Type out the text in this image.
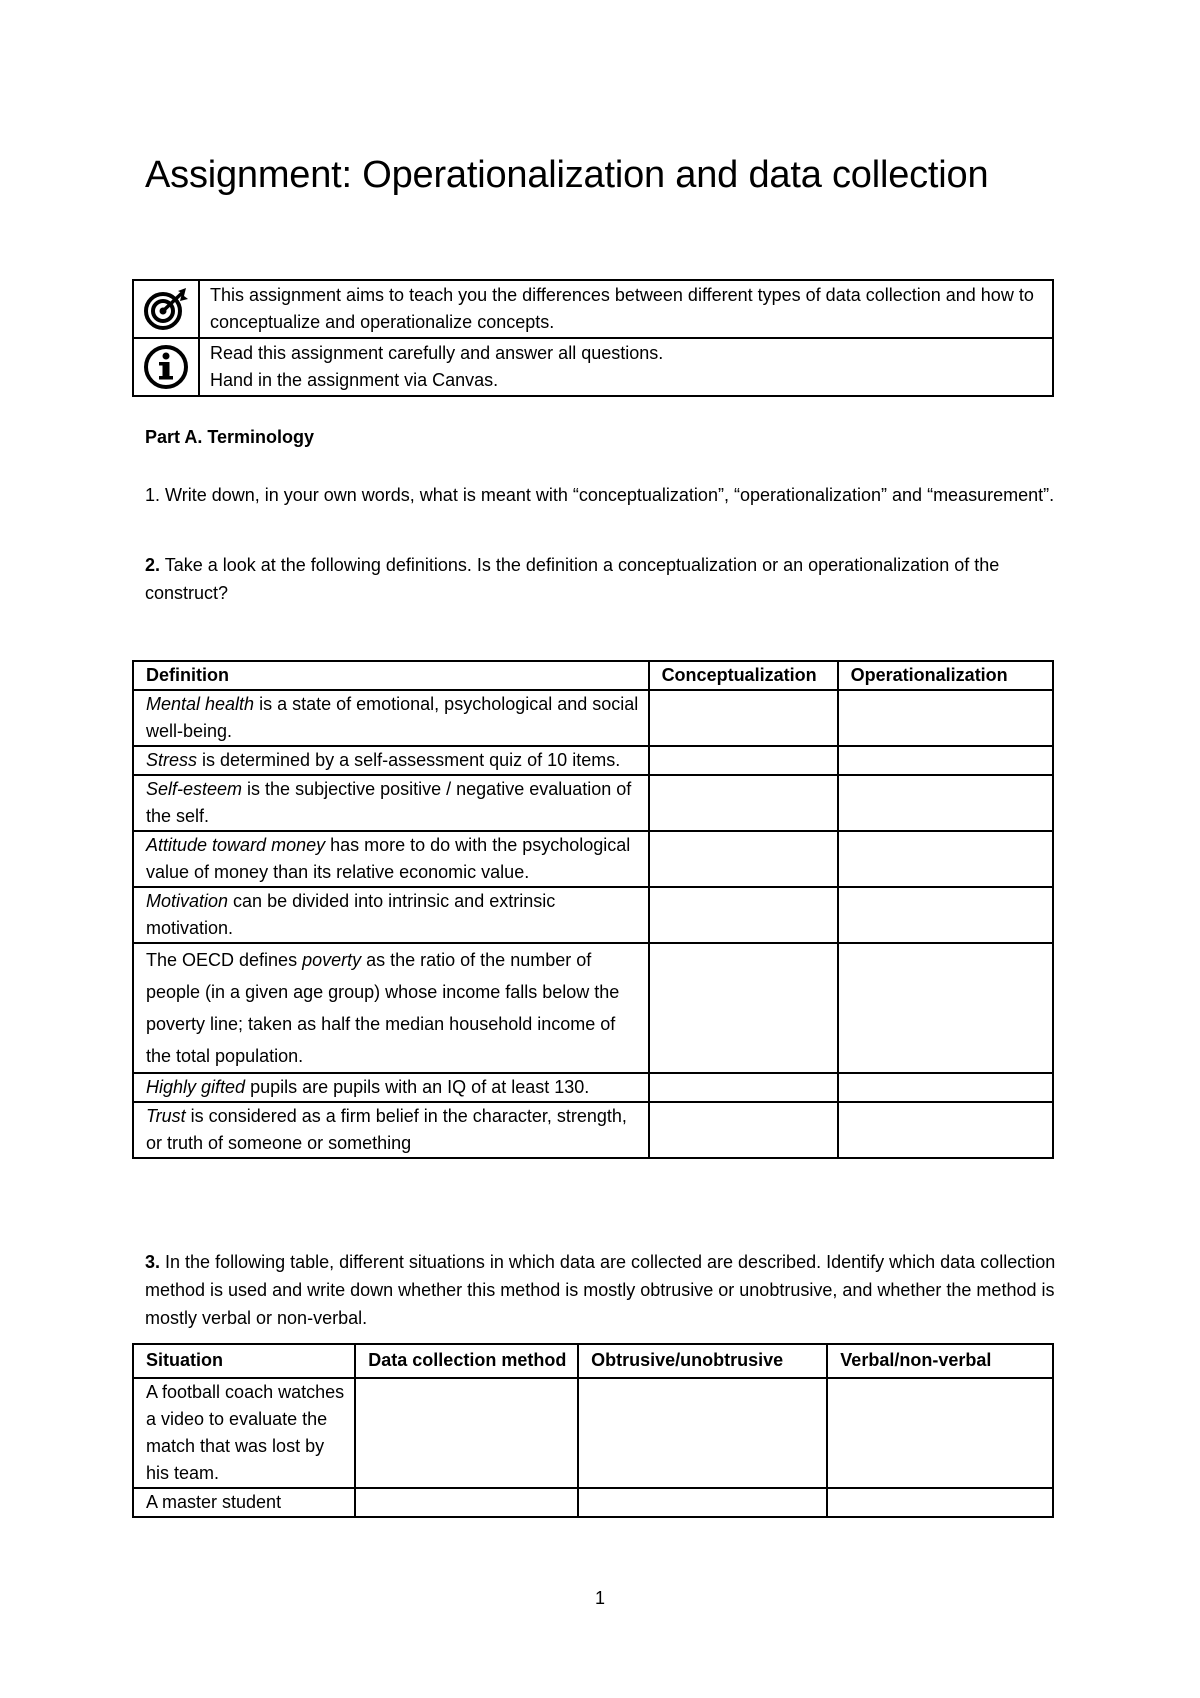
Assignment: Operationalization and data collection
	This assignment aims to teach you the differences between different types of data collection and how to conceptualize and operationalize concepts.

	Read this assignment carefully and answer all questions.
Hand in the assignment via Canvas.

Part A. Terminology

1. Write down, in your own words, what is meant with “conceptualization”, “operationalization” and “measurement”.

2. Take a look at the following definitions. Is the definition a conceptualization or an operationalization of the construct?

Definition	Conceptualization	Operationalization
Mental health is a state of emotional, psychological and social well-being.		
Stress is determined by a self-assessment quiz of 10 items.		
Self-esteem is the subjective positive / negative evaluation of the self.		
Attitude toward money has more to do with the psychological value of money than its relative economic value.		
Motivation can be divided into intrinsic and extrinsic motivation.		
The OECD defines poverty as the ratio of the number of people (in a given age group) whose income falls below the poverty line; taken as half the median household income of the total population.		
Highly gifted pupils are pupils with an IQ of at least 130.		
Trust is considered as a firm belief in the character, strength, or truth of someone or something		

3. In the following table, different situations in which data are collected are described. Identify which data collection method is used and write down whether this method is mostly obtrusive or unobtrusive, and whether the method is mostly verbal or non-verbal.

Situation	Data collection method	Obtrusive/unobtrusive	Verbal/non-verbal
A football coach watches a video to evaluate the match that was lost by his team.			
A master student			
1
